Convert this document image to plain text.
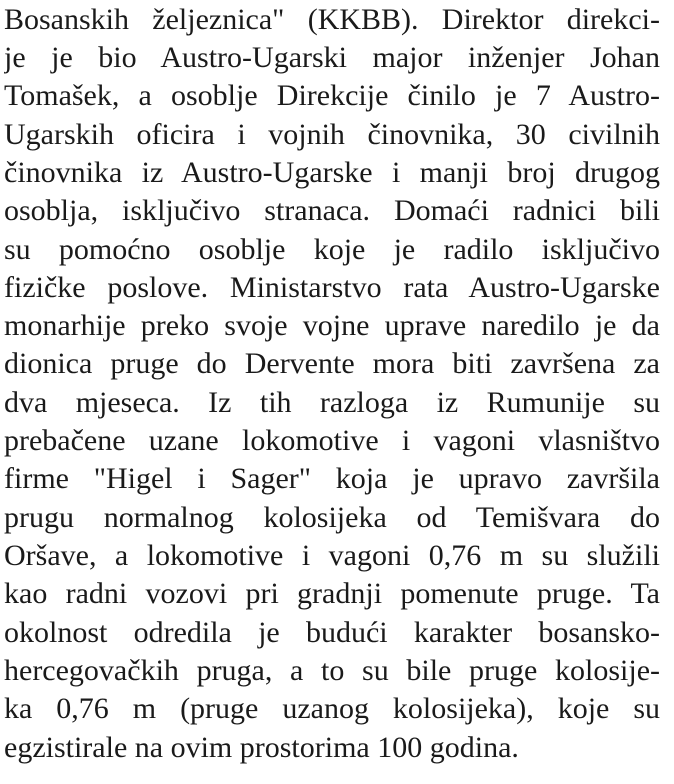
Bosanskih željeznica" (KKBB). Direktor direkci-
je je bio Austro-Ugarski major inženjer Johan
Tomašek, a osoblje Direkcije činilo je 7 Austro-
Ugarskih oficira i vojnih činovnika, 30 civilnih
činovnika iz Austro-Ugarske i manji broj drugog
osoblja, isključivo stranaca. Domaći radnici bili
su pomoćno osoblje koje je radilo isključivo
fizičke poslove. Ministarstvo rata Austro-Ugarske
monarhije preko svoje vojne uprave naredilo je da
dionica pruge do Dervente mora biti završena za
dva mjeseca. Iz tih razloga iz Rumunije su
prebačene uzane lokomotive i vagoni vlasništvo
firme "Higel i Sager" koja je upravo završila
prugu normalnog kolosijeka od Temišvara do
Oršave, a lokomotive i vagoni 0,76 m su služili
kao radni vozovi pri gradnji pomenute pruge. Ta
okolnost odredila je budući karakter bosansko-
hercegovačkih pruga, a to su bile pruge kolosije-
ka 0,76 m (pruge uzanog kolosijeka), koje su
egzistirale na ovim prostorima 100 godina.
